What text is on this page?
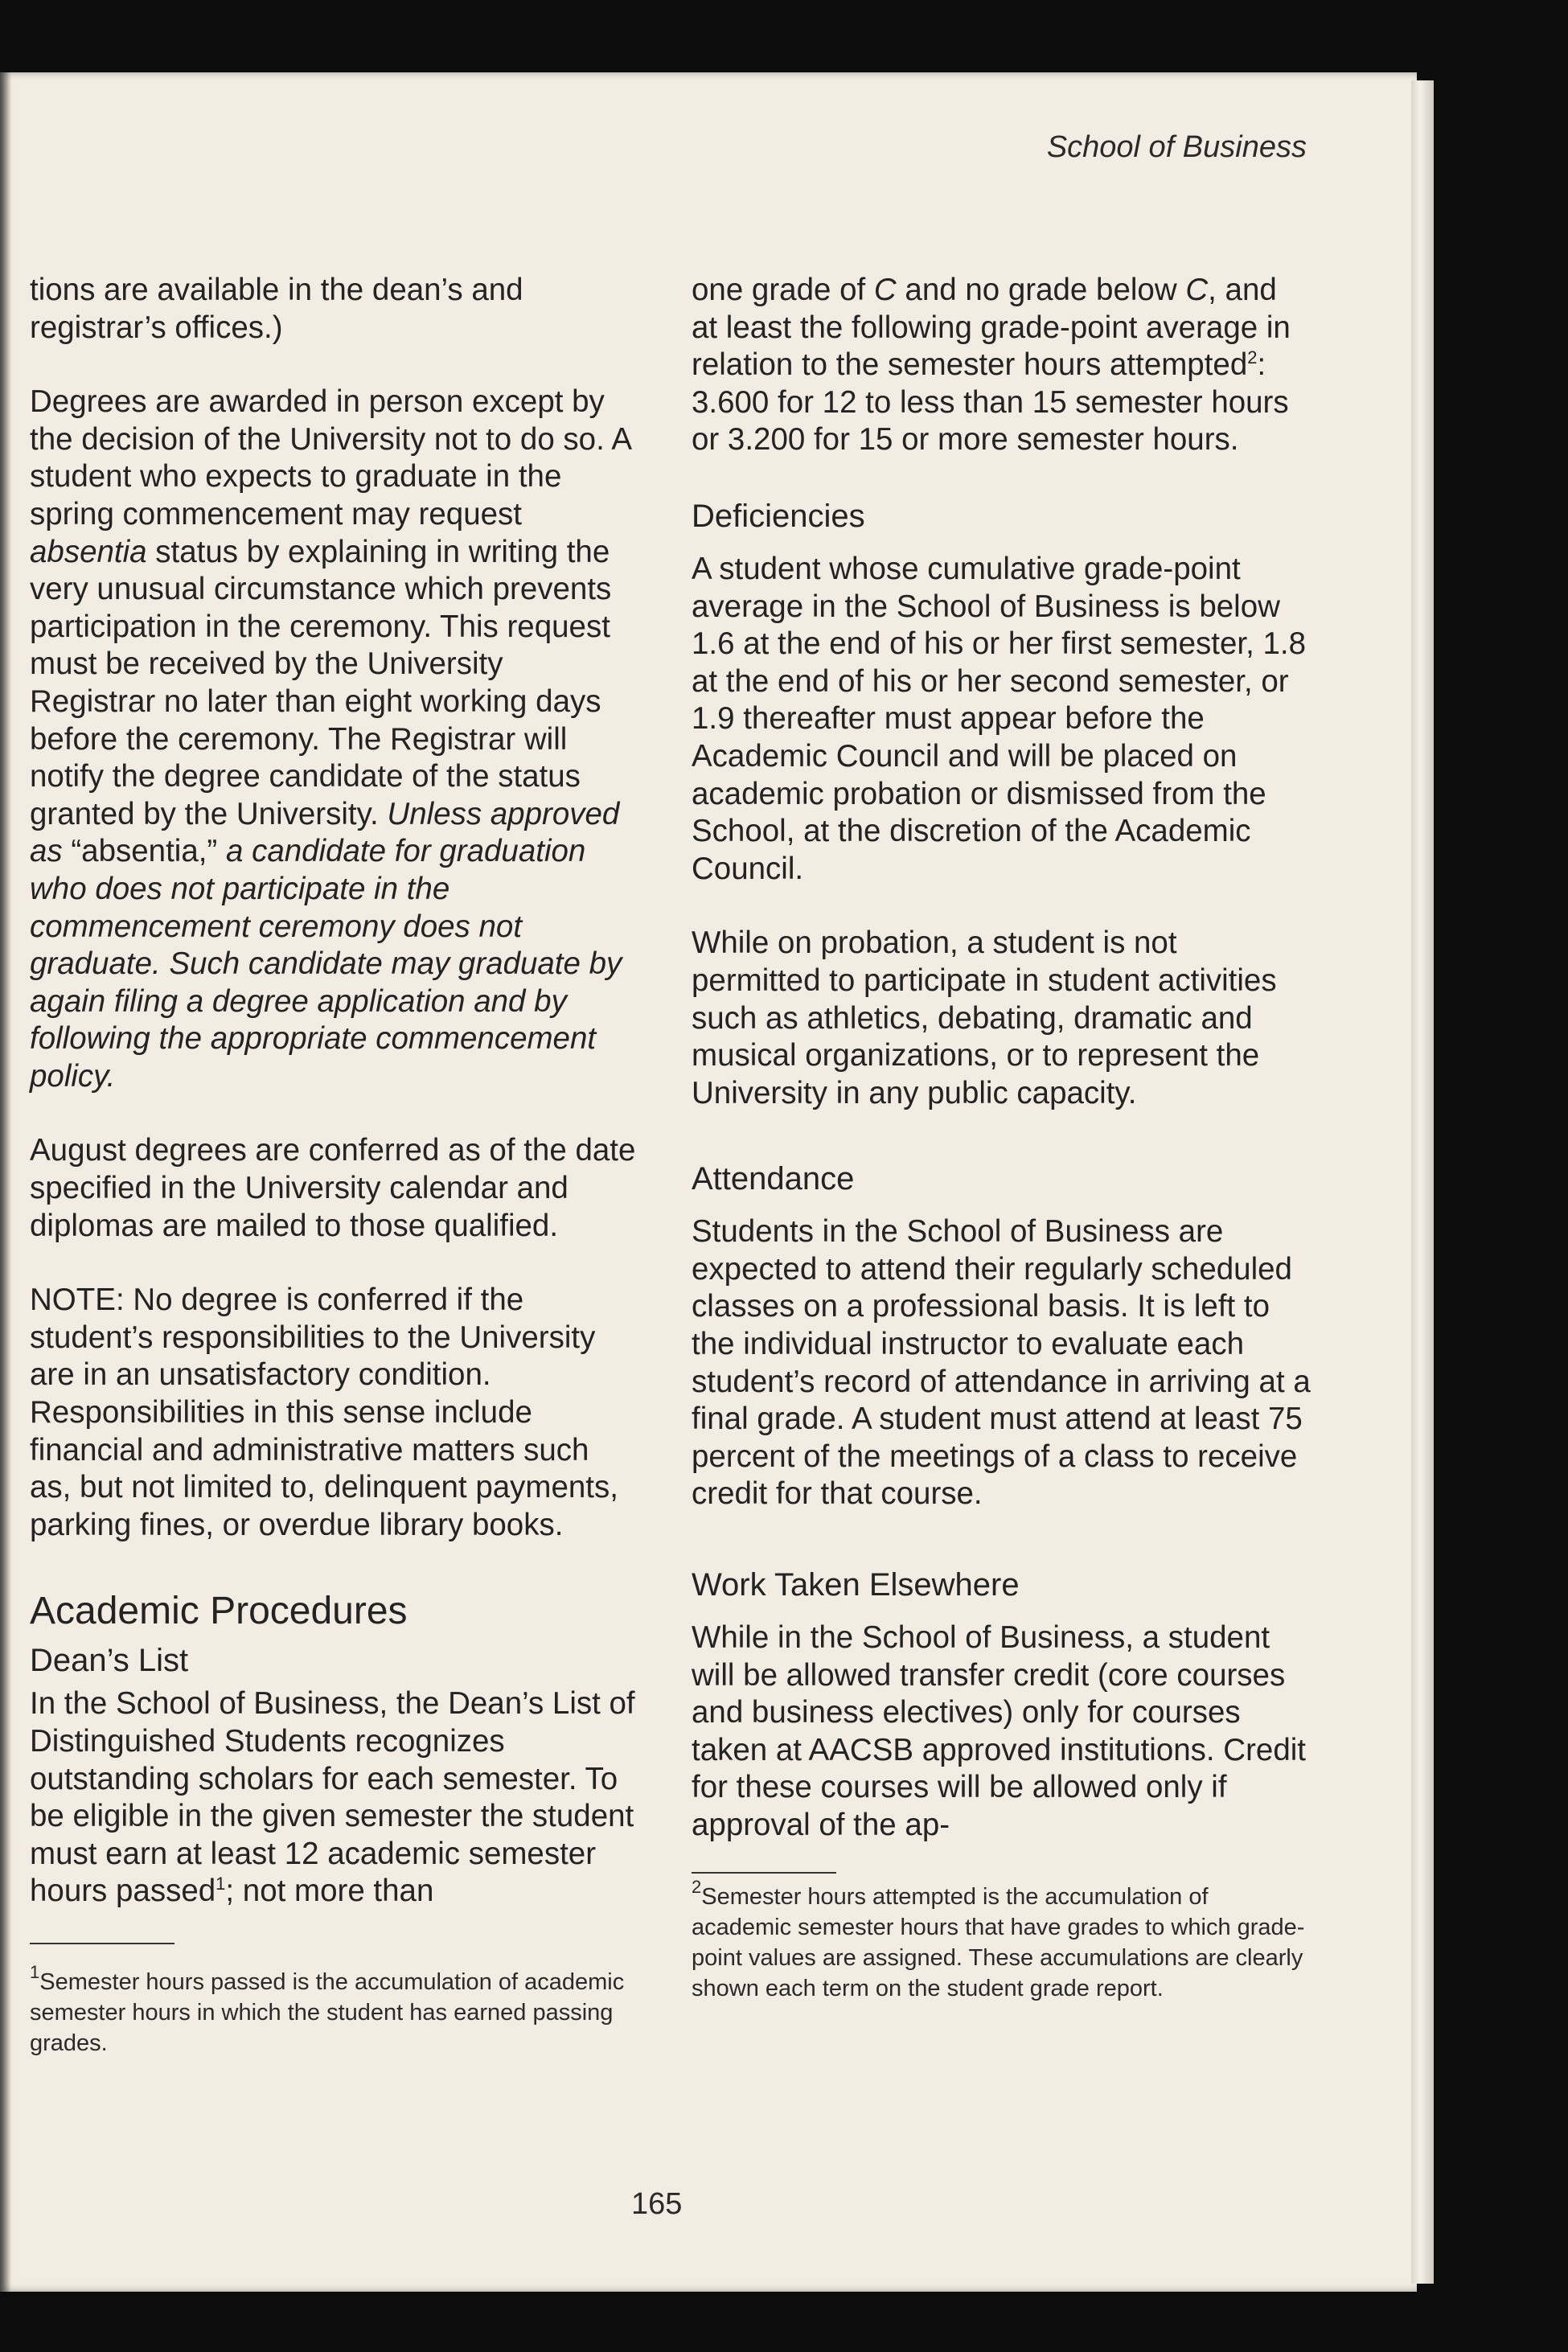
School of Business

tions are available in the dean’s and registrar’s offices.)

Degrees are awarded in person except by the decision of the University not to do so. A student who expects to graduate in the spring commencement may request absentia status by explaining in writing the very unusual circumstance which prevents participation in the ceremony. This request must be received by the University Registrar no later than eight working days before the ceremony. The Registrar will notify the degree candidate of the status granted by the University. Unless approved as “absentia,” a candidate for graduation who does not participate in the commencement ceremony does not graduate. Such candidate may graduate by again filing a degree application and by following the appropriate commencement policy.

August degrees are conferred as of the date specified in the University calendar and diplomas are mailed to those qualified.

NOTE: No degree is conferred if the student’s responsibilities to the University are in an unsatisfactory condition. Responsibilities in this sense include financial and administrative matters such as, but not limited to, delinquent payments, parking fines, or overdue library books.

Academic Procedures
Dean’s List

In the School of Business, the Dean’s List of Distinguished Students recognizes outstanding scholars for each semester. To be eligible in the given semester the student must earn at least 12 academic semester hours passed$^1$; not more than

$^1$Semester hours passed is the accumulation of academic semester hours in which the student has earned passing grades.

one grade of C and no grade below C, and at least the following grade-point average in relation to the semester hours attempted$^2$: 3.600 for 12 to less than 15 semester hours or 3.200 for 15 or more semester hours.

Deficiencies

A student whose cumulative grade-point average in the School of Business is below 1.6 at the end of his or her first semester, 1.8 at the end of his or her second semester, or 1.9 thereafter must appear before the Academic Council and will be placed on academic probation or dismissed from the School, at the discretion of the Academic Council.

While on probation, a student is not permitted to participate in student activities such as athletics, debating, dramatic and musical organizations, or to represent the University in any public capacity.

Attendance

Students in the School of Business are expected to attend their regularly scheduled classes on a professional basis. It is left to the individual instructor to evaluate each student’s record of attendance in arriving at a final grade. A student must attend at least 75 percent of the meetings of a class to receive credit for that course.

Work Taken Elsewhere

While in the School of Business, a student will be allowed transfer credit (core courses and business electives) only for courses taken at AACSB approved institutions. Credit for these courses will be allowed only if approval of the ap-

$^2$Semester hours attempted is the accumulation of academic semester hours that have grades to which grade-point values are assigned. These accumulations are clearly shown each term on the student grade report.
165
